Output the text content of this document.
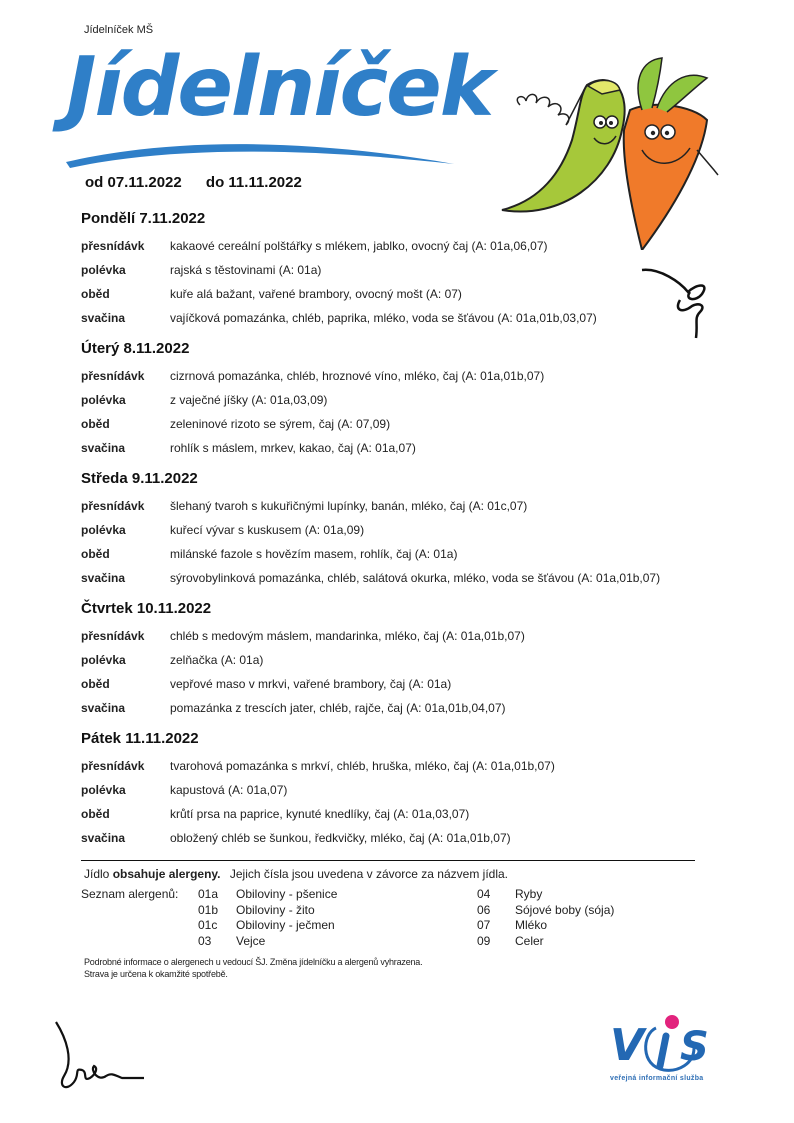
Jídelníček MŠ
Jídelníček
od 07.11.2022 do 11.11.2022
Pondělí 7.11.2022
přesnídávk	kakaové cereální polštářky s mlékem, jablko, ovocný čaj (A: 01a,06,07)
polévka	rajská s těstovinami (A: 01a)
oběd	kuře alá bažant, vařené brambory, ovocný mošt (A: 07)
svačina	vajíčková pomazánka, chléb, paprika, mléko, voda se šťávou (A: 01a,01b,03,07)
Úterý 8.11.2022
přesnídávk	cizrnová pomazánka, chléb, hroznové víno, mléko, čaj (A: 01a,01b,07)
polévka	z vaječné jíšky (A: 01a,03,09)
oběd	zeleninové rizoto se sýrem, čaj (A: 07,09)
svačina	rohlík s máslem, mrkev, kakao, čaj (A: 01a,07)
Středa 9.11.2022
přesnídávk	šlehaný tvaroh s kukuřičnými lupínky, banán, mléko, čaj (A: 01c,07)
polévka	kuřecí vývar s kuskusem (A: 01a,09)
oběd	milánské fazole s hovězím masem, rohlík, čaj (A: 01a)
svačina	sýrovobylinková pomazánka, chléb, salátová okurka, mléko, voda se šťávou (A: 01a,01b,07)
Čtvrtek 10.11.2022
přesnídávk	chléb s medovým máslem, mandarinka, mléko, čaj (A: 01a,01b,07)
polévka	zelňačka (A: 01a)
oběd	vepřové maso v mrkvi, vařené brambory, čaj (A: 01a)
svačina	pomazánka z trescích jater, chléb, rajče, čaj (A: 01a,01b,04,07)
Pátek 11.11.2022
přesnídávk	tvarohová pomazánka s mrkví, chléb, hruška, mléko, čaj (A: 01a,01b,07)
polévka	kapustová (A: 01a,07)
oběd	krůtí prsa na paprice, kynuté knedlíky, čaj (A: 01a,03,07)
svačina	obložený chléb se šunkou, ředkvičky, mléko, čaj (A: 01a,01b,07)
Jídlo obsahuje alergeny. Jejich čísla jsou uvedena v závorce za názvem jídla.
Seznam alergenů: 01a	Obiloviny - pšenice
01b	Obiloviny - žito
01c	Obiloviny - ječmen
03	Vejce
04	Ryby
06	Sójové boby (sója)
07	Mléko
09	Celer
Podrobné informace o alergenech u vedoucí ŠJ. Změna jídelníčku a alergenů vyhrazena.
Strava je určena k okamžité spotřebě.
V S
veřejná informační služba
